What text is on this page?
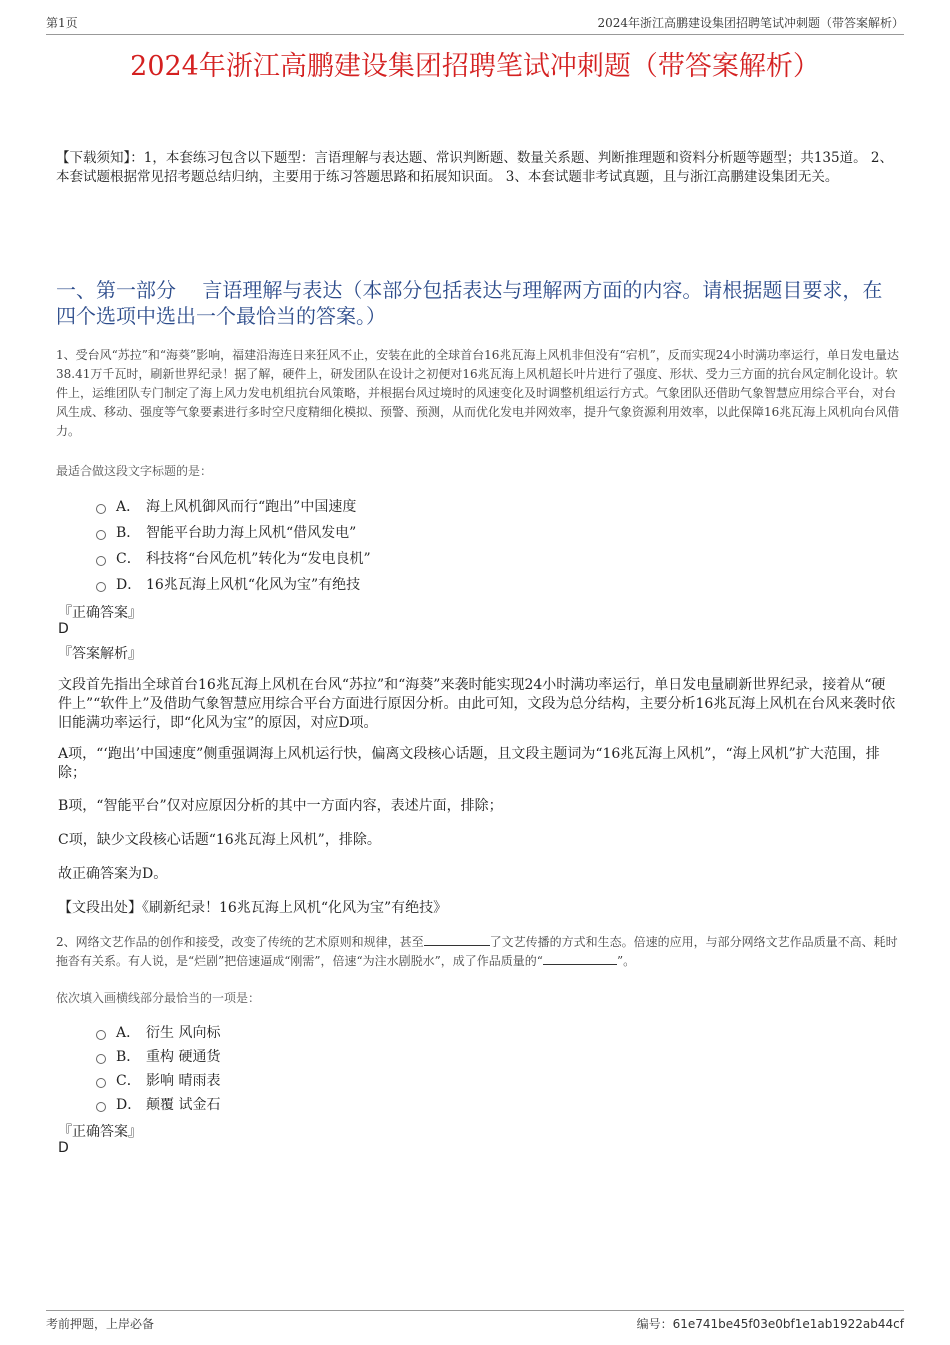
第1页	2024年浙江高鹏建设集团招聘笔试冲刺题（带答案解析）
2024年浙江高鹏建设集团招聘笔试冲刺题（带答案解析）
【下载须知】：1，本套练习包含以下题型：言语理解与表达题、常识判断题、数量关系题、判断推理题和资料分析题等题型；共135道。 2、本套试题根据常见招考题总结归纳，主要用于练习答题思路和拓展知识面。 3、本套试题非考试真题，且与浙江高鹏建设集团无关。
一、第一部分　 言语理解与表达（本部分包括表达与理解两方面的内容。请根据题目要求，在四个选项中选出一个最恰当的答案。）
1、受台风“苏拉”和“海葵”影响，福建沿海连日来狂风不止，安装在此的全球首台16兆瓦海上风机非但没有“宕机”，反而实现24小时满功率运行，单日发电量达38.41万千瓦时，刷新世界纪录！据了解，硬件上，研发团队在设计之初便对16兆瓦海上风机超长叶片进行了强度、形状、受力三方面的抗台风定制化设计。软件上，运维团队专门制定了海上风力发电机组抗台风策略，并根据台风过境时的风速变化及时调整机组运行方式。气象团队还借助气象智慧应用综合平台，对台风生成、移动、强度等气象要素进行多时空尺度精细化模拟、预警、预测，从而优化发电并网效率，提升气象资源利用效率，以此保障16兆瓦海上风机向台风借力。
最适合做这段文字标题的是：
A． 海上风机御风而行“跑出”中国速度
B． 智能平台助力海上风机“借风发电”
C． 科技将“台风危机”转化为“发电良机”
D． 16兆瓦海上风机“化风为宝”有绝技
『正确答案』
D
『答案解析』
文段首先指出全球首台16兆瓦海上风机在台风“苏拉”和“海葵”来袭时能实现24小时满功率运行，单日发电量刷新世界纪录，接着从“硬件上”“软件上”及借助气象智慧应用综合平台方面进行原因分析。由此可知，文段为总分结构，主要分析16兆瓦海上风机在台风来袭时依旧能满功率运行，即“化风为宝”的原因，对应D项。
A项，“‘跑出’中国速度”侧重强调海上风机运行快，偏离文段核心话题，且文段主题词为“16兆瓦海上风机”，“海上风机”扩大范围，排除；
B项，“智能平台”仅对应原因分析的其中一方面内容，表述片面，排除；
C项，缺少文段核心话题“16兆瓦海上风机”，排除。
故正确答案为D。
【文段出处】《刷新纪录！16兆瓦海上风机“化风为宝”有绝技》
2、网络文艺作品的创作和接受，改变了传统的艺术原则和规律，甚至	了文艺传播的方式和生态。倍速的应用，与部分网络文艺作品质量不高、耗时拖沓有关系。有人说，是“烂剧”把倍速逼成“刚需”，倍速“为注水剧脱水”，成了作品质量的“	”。
依次填入画横线部分最恰当的一项是：
A． 衍生 风向标
B． 重构 硬通货
C． 影响 晴雨表
D． 颠覆 试金石
『正确答案』
D
考前押题，上岸必备	编号：61e741be45f03e0bf1e1ab1922ab44cf
